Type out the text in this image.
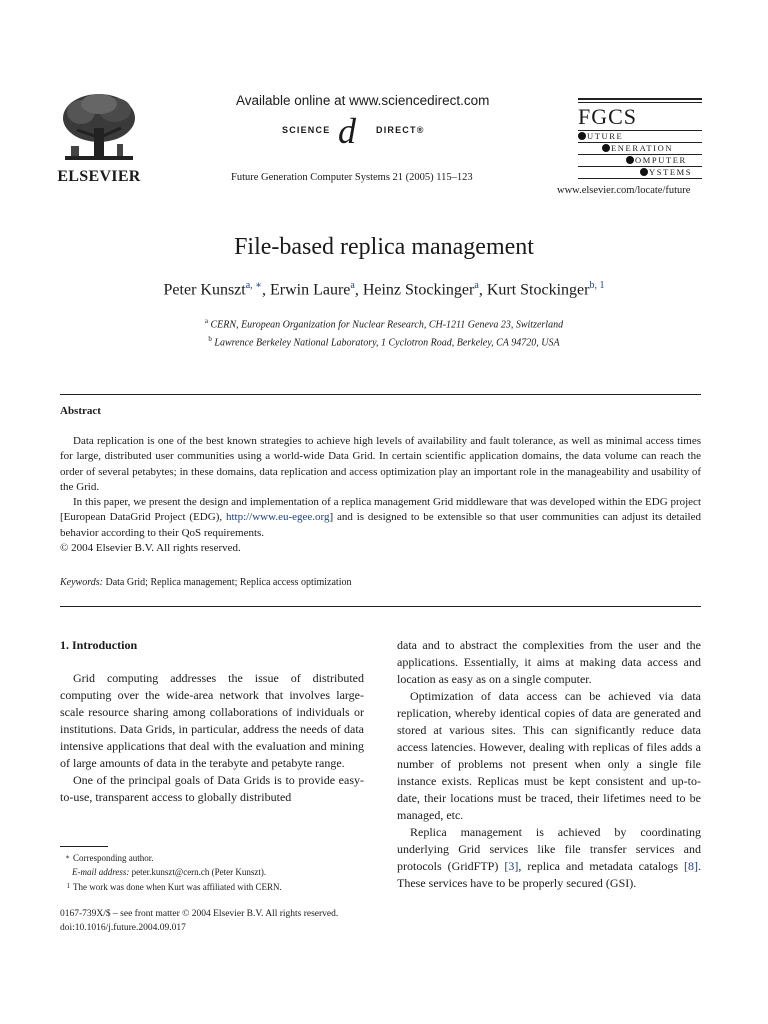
ELSEVIER
Available online at www.sciencedirect.com
SCIENCE d DIRECT®
Future Generation Computer Systems 21 (2005) 115–123
FGCS
UTURE
ENERATION
OMPUTER
YSTEMS
www.elsevier.com/locate/future
File-based replica management
Peter Kunszt$^{a, ∗}$, Erwin Laure$^a$, Heinz Stockinger$^a$, Kurt Stockinger$^{b, 1}$
$^a$ CERN, European Organization for Nuclear Research, CH-1211 Geneva 23, Switzerland
$^b$ Lawrence Berkeley National Laboratory, 1 Cyclotron Road, Berkeley, CA 94720, USA
Abstract

Data replication is one of the best known strategies to achieve high levels of availability and fault tolerance, as well as minimal access times for large, distributed user communities using a world-wide Data Grid. In certain scientific application domains, the data volume can reach the order of several petabytes; in these domains, data replication and access optimization play an important role in the manageability and usability of the Grid.

In this paper, we present the design and implementation of a replica management Grid middleware that was developed within the EDG project [European DataGrid Project (EDG), http://www.eu-egee.org] and is designed to be extensible so that user communities can adjust its detailed behavior according to their QoS requirements.

© 2004 Elsevier B.V. All rights reserved.

Keywords: Data Grid; Replica management; Replica access optimization
1. Introduction

Grid computing addresses the issue of distributed computing over the wide-area network that involves large-scale resource sharing among collaborations of individuals or institutions. Data Grids, in particular, address the needs of data intensive applications that deal with the evaluation and mining of large amounts of data in the terabyte and petabyte range.

One of the principal goals of Data Grids is to provide easy-to-use, transparent access to globally distributed

data and to abstract the complexities from the user and the applications. Essentially, it aims at making data access and location as easy as on a single computer.

Optimization of data access can be achieved via data replication, whereby identical copies of data are generated and stored at various sites. This can significantly reduce data access latencies. However, dealing with replicas of files adds a number of problems not present when only a single file instance exists. Replicas must be kept consistent and up-to-date, their locations must be traced, their lifetimes need to be managed, etc.

Replica management is achieved by coordinating underlying Grid services like file transfer services and protocols (GridFTP) [3], replica and metadata catalogs [8]. These services have to be properly secured (GSI).

∗ Corresponding author.
E-mail address: peter.kunszt@cern.ch (Peter Kunszt).
1 The work was done when Kurt was affiliated with CERN.
0167-739X/$ – see front matter © 2004 Elsevier B.V. All rights reserved.
doi:10.1016/j.future.2004.09.017
